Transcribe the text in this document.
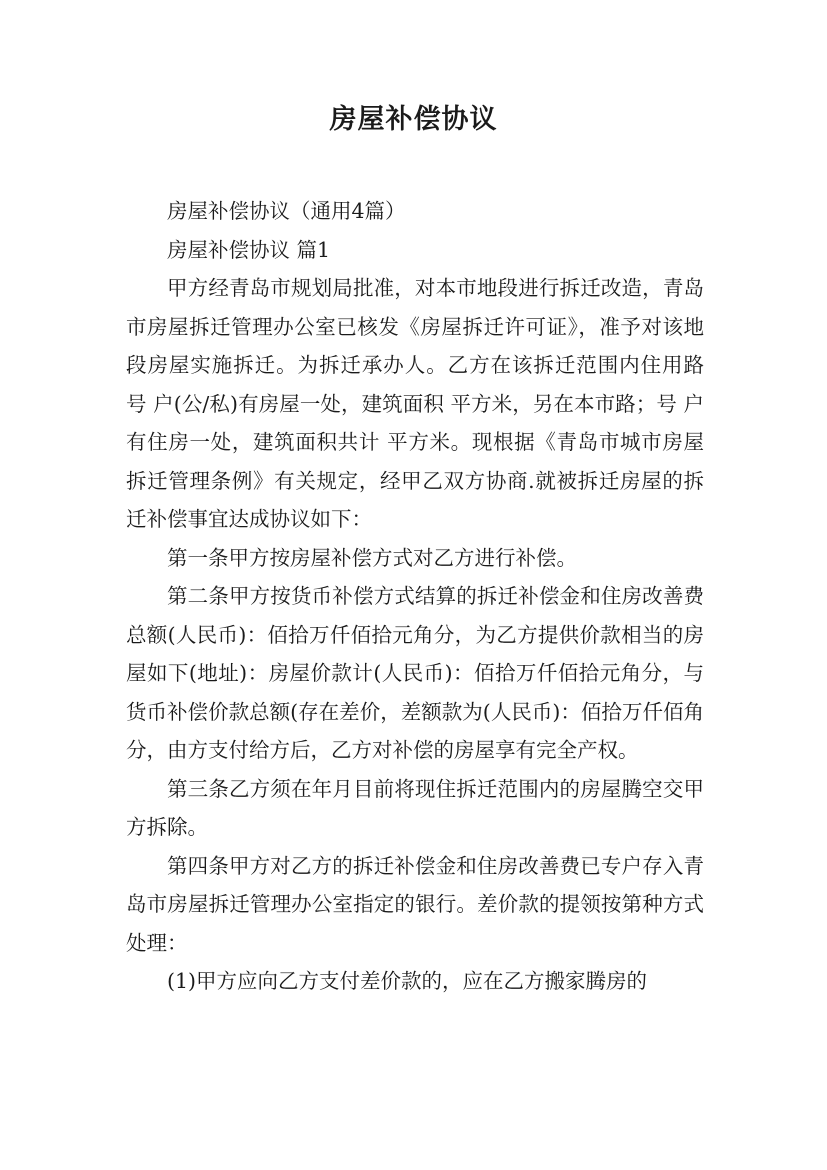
房屋补偿协议

房屋补偿协议（通用4篇）

房屋补偿协议 篇1

甲方经青岛市规划局批准，对本市地段进行拆迁改造，青岛市房屋拆迁管理办公室已核发《房屋拆迁许可证》，准予对该地段房屋实施拆迁。为拆迁承办人。乙方在该拆迁范围内住用路 号 户(公/私)有房屋一处，建筑面积 平方米，另在本市路；号 户有住房一处，建筑面积共计 平方米。现根据《青岛市城市房屋拆迁管理条例》有关规定，经甲乙双方协商.就被拆迁房屋的拆迁补偿事宜达成协议如下：

第一条甲方按房屋补偿方式对乙方进行补偿。

第二条甲方按货币补偿方式结算的拆迁补偿金和住房改善费总额(人民币)：佰拾万仟佰拾元角分，为乙方提供价款相当的房屋如下(地址)：房屋价款计(人民币)：佰拾万仟佰拾元角分，与货币补偿价款总额(存在差价，差额款为(人民币)：佰拾万仟佰角分，由方支付给方后，乙方对补偿的房屋享有完全产权。

第三条乙方须在年月目前将现住拆迁范围内的房屋腾空交甲方拆除。

第四条甲方对乙方的拆迁补偿金和住房改善费已专户存入青岛市房屋拆迁管理办公室指定的银行。差价款的提领按第种方式处理：

(1)甲方应向乙方支付差价款的，应在乙方搬家腾房的
